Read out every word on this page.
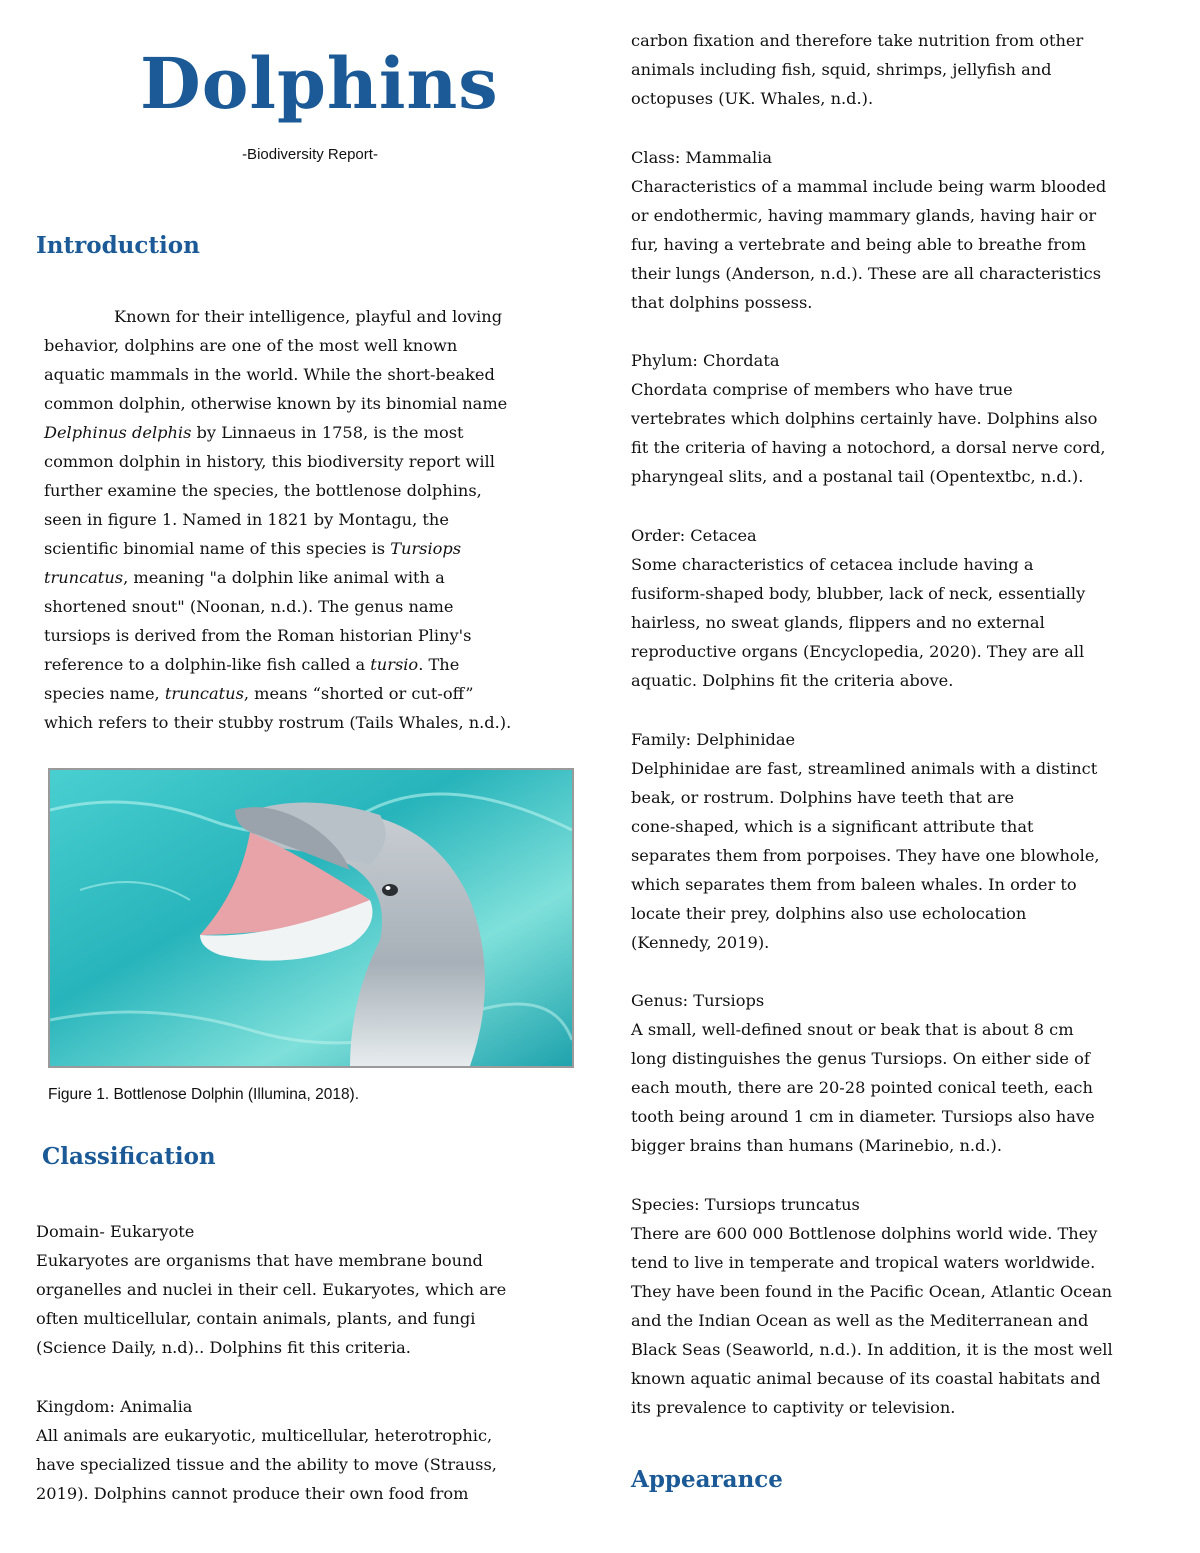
Dolphins
-Biodiversity Report-
Introduction

Known for their intelligence, playful and loving

behavior, dolphins are one of the most well known

aquatic mammals in the world. While the short-beaked

common dolphin, otherwise known by its binomial name

Delphinus delphis by Linnaeus in 1758, is the most

common dolphin in history, this biodiversity report will

further examine the species, the bottlenose dolphins,

seen in figure 1. Named in 1821 by Montagu, the

scientific binomial name of this species is Tursiops

truncatus, meaning "a dolphin like animal with a

shortened snout" (Noonan, n.d.). The genus name

tursiops is derived from the Roman historian Pliny's

reference to a dolphin-like fish called a tursio. The

species name, truncatus, means “shorted or cut-off”

which refers to their stubby rostrum (Tails Whales, n.d.).

Figure 1. Bottlenose Dolphin (Illumina, 2018).
Classification

Domain- Eukaryote

Eukaryotes are organisms that have membrane bound

organelles and nuclei in their cell. Eukaryotes, which are

often multicellular, contain animals, plants, and fungi

(Science Daily, n.d).. Dolphins fit this criteria.

Kingdom: Animalia

All animals are eukaryotic, multicellular, heterotrophic,

have specialized tissue and the ability to move (Strauss,

2019). Dolphins cannot produce their own food from

carbon fixation and therefore take nutrition from other

animals including fish, squid, shrimps, jellyfish and

octopuses (UK. Whales, n.d.).

Class: Mammalia

Characteristics of a mammal include being warm blooded

or endothermic, having mammary glands, having hair or

fur, having a vertebrate and being able to breathe from

their lungs (Anderson, n.d.). These are all characteristics

that dolphins possess.

Phylum: Chordata

Chordata comprise of members who have true

vertebrates which dolphins certainly have. Dolphins also

fit the criteria of having a notochord, a dorsal nerve cord,

pharyngeal slits, and a postanal tail (Opentextbc, n.d.).

Order: Cetacea

Some characteristics of cetacea include having a

fusiform-shaped body, blubber, lack of neck, essentially

hairless, no sweat glands, flippers and no external

reproductive organs (Encyclopedia, 2020). They are all

aquatic. Dolphins fit the criteria above.

Family: Delphinidae

Delphinidae are fast, streamlined animals with a distinct

beak, or rostrum. Dolphins have teeth that are

cone-shaped, which is a significant attribute that

separates them from porpoises. They have one blowhole,

which separates them from baleen whales. In order to

locate their prey, dolphins also use echolocation

(Kennedy, 2019).

Genus: Tursiops

A small, well-defined snout or beak that is about 8 cm

long distinguishes the genus Tursiops. On either side of

each mouth, there are 20-28 pointed conical teeth, each

tooth being around 1 cm in diameter. Tursiops also have

bigger brains than humans (Marinebio, n.d.).

Species: Tursiops truncatus

There are 600 000 Bottlenose dolphins world wide. They

tend to live in temperate and tropical waters worldwide.

They have been found in the Pacific Ocean, Atlantic Ocean

and the Indian Ocean as well as the Mediterranean and

Black Seas (Seaworld, n.d.). In addition, it is the most well

known aquatic animal because of its coastal habitats and

its prevalence to captivity or television.

Appearance
